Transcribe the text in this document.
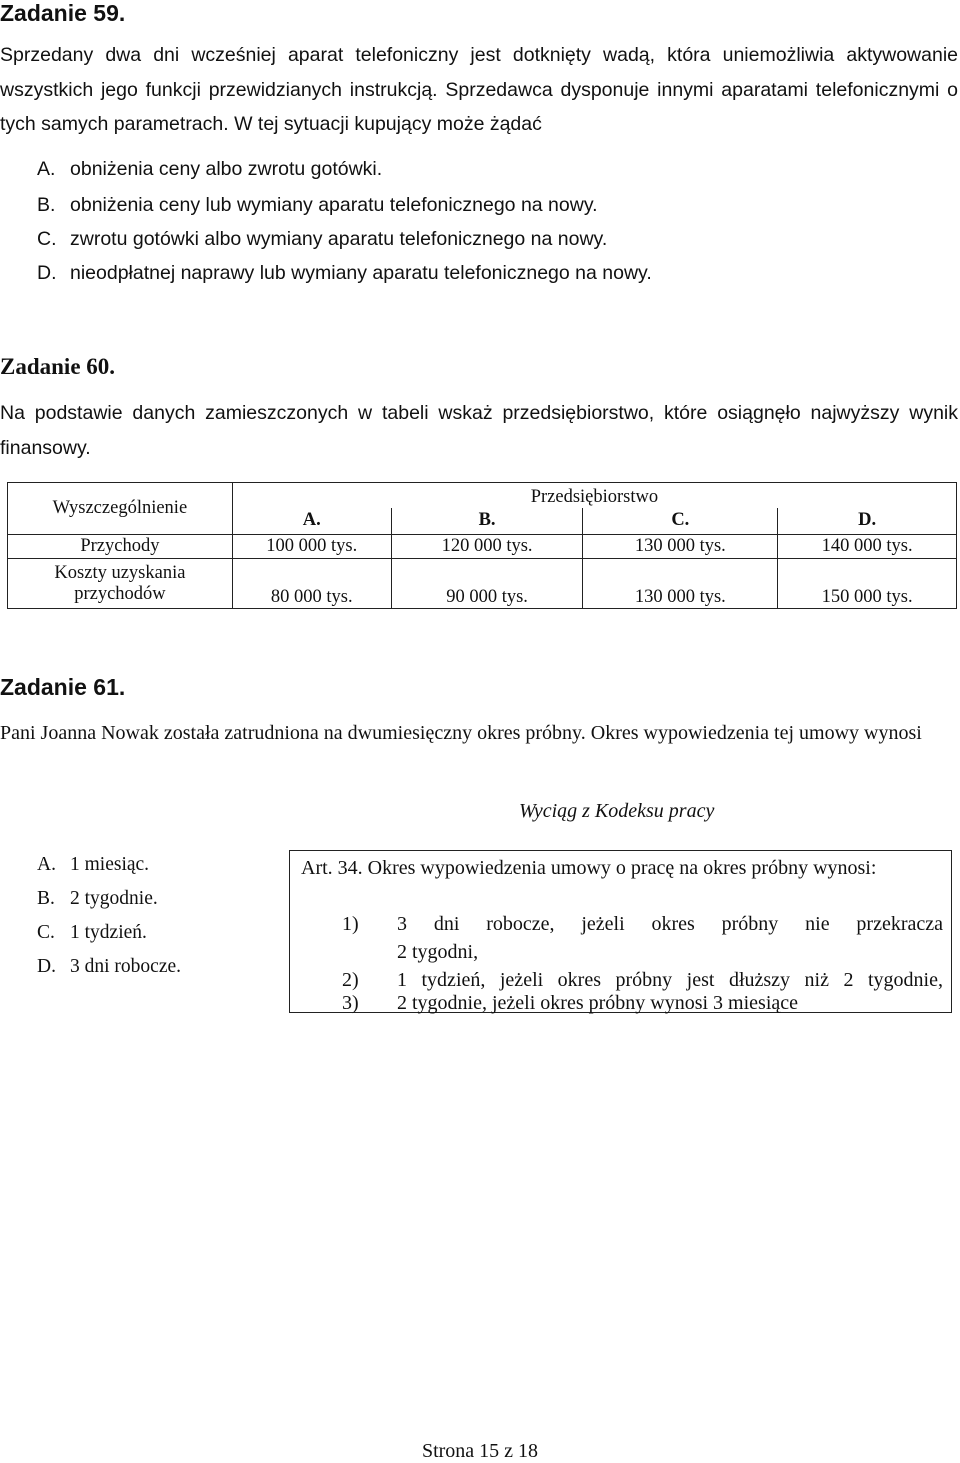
Zadanie 59.

Sprzedany dwa dni wcześniej aparat telefoniczny jest dotknięty wadą, która uniemożliwia aktywowanie wszystkich jego funkcji przewidzianych instrukcją. Sprzedawca dysponuje innymi aparatami telefonicznymi o tych samych parametrach. W tej sytuacji kupujący może żądać

A. obniżenia ceny albo zwrotu gotówki.
B. obniżenia ceny lub wymiany aparatu telefonicznego na nowy.
C. zwrotu gotówki albo wymiany aparatu telefonicznego na nowy.
D. nieodpłatnej naprawy lub wymiany aparatu telefonicznego na nowy.
Zadanie 60.

Na podstawie danych zamieszczonych w tabeli wskaż przedsiębiorstwo, które osiągnęło najwyższy wynik finansowy.

Wyszczególnienie	Przedsiębiorstwo			
	A.	B.	C.	D.
Przychody	100 000 tys.	120 000 tys.	130 000 tys.	140 000 tys.

Koszty uzyskania
przychodów	80 000 tys.	90 000 tys.	130 000 tys.	150 000 tys.
Zadanie 61.

Pani Joanna Nowak została zatrudniona na dwumiesięczny okres próbny. Okres wypowiedzenia tej umowy wynosi

Wyciąg z Kodeksu pracy
A. 1 miesiąc.
B. 2 tygodnie.
C. 1 tydzień.
D. 3 dni robocze.
Art. 34. Okres wypowiedzenia umowy o pracę na okres próbny wynosi:
1)	3 dni robocze, jeżeli okres próbny nie przekracza
2 tygodni,
2)	1 tydzień, jeżeli okres próbny jest dłuższy niż 2 tygodnie,
3)	2 tygodnie, jeżeli okres próbny wynosi 3 miesiące
Strona 15 z 18
